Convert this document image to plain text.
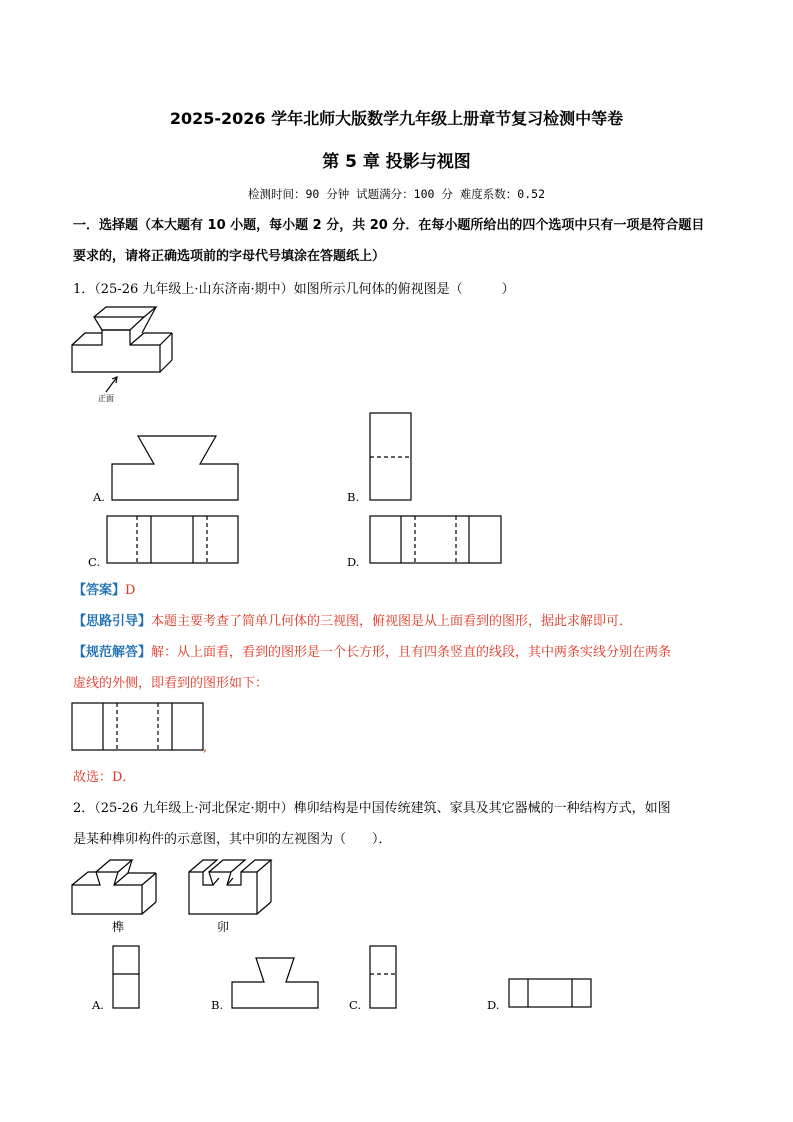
2025-2026 学年北师大版数学九年级上册章节复习检测中等卷
第 5 章 投影与视图
检测时间：90 分钟 试题满分：100 分 难度系数：0.52
一．选择题（本大题有 10 小题，每小题 2 分，共 20 分．在每小题所给出的四个选项中只有一项是符合题目
要求的，请将正确选项前的字母代号填涂在答题纸上）
1．（25-26 九年级上·山东济南·期中）如图所示几何体的俯视图是（　　　）
正面
A.	B.
C.	D.
【答案】D
【思路引导】本题主要考查了简单几何体的三视图，俯视图是从上面看到的图形，据此求解即可．
【规范解答】解：从上面看，看到的图形是一个长方形，且有四条竖直的线段，其中两条实线分别在两条
虚线的外侧，即看到的图形如下：
,
故选：D．
2．（25-26 九年级上·河北保定·期中）榫卯结构是中国传统建筑、家具及其它器械的一种结构方式，如图
是某种榫卯构件的示意图，其中卯的左视图为（　　）．
榫	卯
A.	B.	C.	D.
